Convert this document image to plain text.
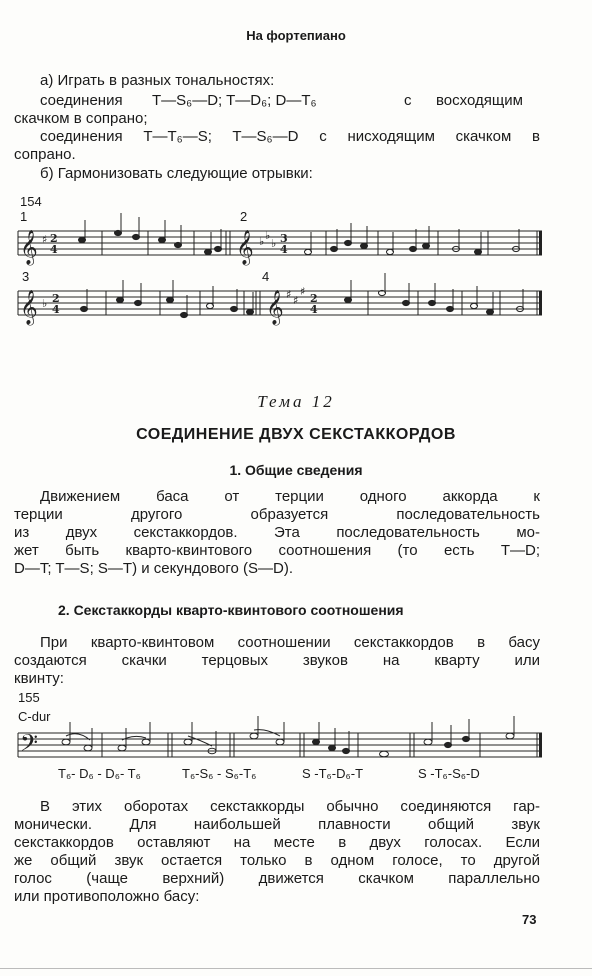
На фортепиано
а) Играть в разных тональностях:
соединения T—S₆—D; T—D₆; D—T₆	с восходящим
скачком в сопрано;
соединения T—T₆—S; T—S₆—D с нисходящим скачком в
сопрано.
б) Гармонизовать следующие отрывки:
154
1	2
3	4
𝄞	𝄞
♯ 2
4
♭ ♭
♭ 3
4
𝄞	𝄞
♭ 2
4
♯ ♯
♯
2
4
Тема 12
СОЕДИНЕНИЕ ДВУХ СЕКСТАККОРДОВ
1. Общие сведения
Движением баса от терции одного аккорда к
терции другого образуется последовательность
из двух секстаккордов. Эта последовательность мо-
жет быть кварто-квинтового соотношения (то есть T—D;
D—T; T—S; S—T) и секундового (S—D).
2. Секстаккорды кварто-квинтового соотношения
При кварто-квинтовом соотношении секстаккордов в басу
создаются скачки терцовых звуков на кварту или
квинту:
155
C-dur
𝄢
T₆- D₆ - D₆- T₆	T₆-S₆ - S₆-T₆	S -T₆-D₆-T	S -T₆-S₆-D
В этих оборотах секстаккорды обычно соединяются гар-
монически. Для наибольшей плавности общий звук
секстаккордов оставляют на месте в двух голосах. Если
же общий звук остается только в одном голосе, то другой
голос (чаще верхний) движется скачком параллельно
или противоположно басу:
73
